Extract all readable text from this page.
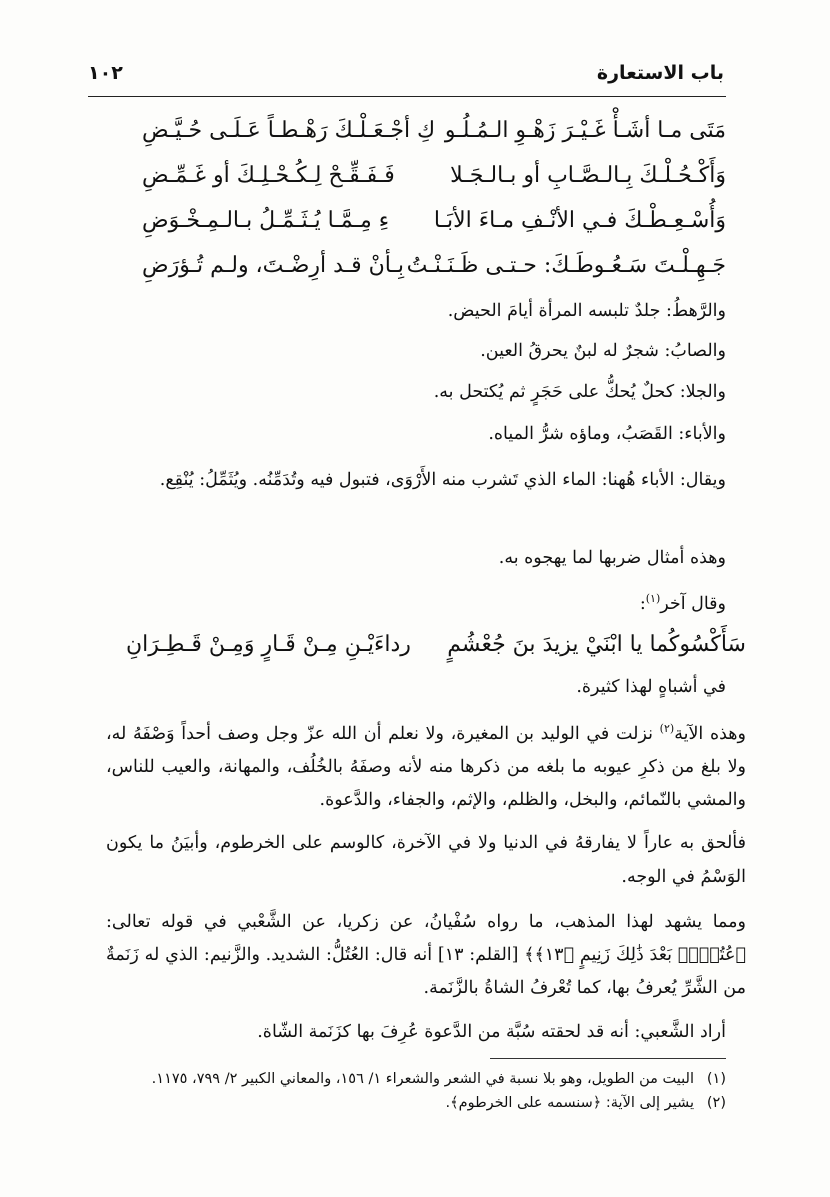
باب الاستعارة
١٠٢
مَتَى مـا أشَـأْ غَـيْـرَ زَهْـوِ الـمُـلُـو
كِ أجْـعَـلْـكَ رَهْـطـاً عَـلَـى حُـيَّـضِ
وَأَكْـحُـلْـكَ بِـالـصَّـابِ أو بـالـجَـلا
فَـفَـقِّـحْ لِـكُـحْـلِـكَ أو غَـمِّـضِ
وَأُسْـعِـطْـكَ فـي الأنْـفِ مـاءَ الأبَـا
ءِ مِـمَّـا يُـثَـمِّـلُ بـالـمِـخْـوَضِ
جَـهِـلْـتَ سَـعُـوطَـكَ: حـتـى ظَـنَـنْـتُ
بِـأنْ قـد أرِضْـتَ، ولـم تُـؤرَضِ
والرَّهطُ: جلدٌ تلبسه المرأة أيامَ الحيض.
والصابُ: شجرٌ له لبنٌ يحرقُ العين.
والجلا: كحلٌ يُحكُّ على حَجَرٍ ثم يُكتحل به.
والأباء: القَصَبُ، وماؤه شرُّ المياه.
ويقال: الأباء هُهنا: الماء الذي تَشرب منه الأَرْوَى، فتبول فيه وتُدَمِّنُه. ويُثَمِّلُ: يُنْقِع.
وهذه أمثال ضربها لما يهجوه به.
وقال آخر$^{(١)}$:
سَأَكْسُوكُما يا ابْنَيْ يزيدَ بنَ جُعْشُمٍ
رداءَيْـنِ مِـنْ قَـارٍ وَمِـنْ قَـطِـرَانِ
في أشباهٍ لهذا كثيرة.
وهذه الآية$^{(٢)}$ نزلت في الوليد بن المغيرة، ولا نعلم أن الله عزّ وجل وصف أحداً وَصْفَهُ له، ولا بلغ من ذكرِ عيوبه ما بلغه من ذكرها منه لأنه وصفَهُ بالخُلُف، والمهانة، والعيب للناس، والمشي بالنّمائم، والبخل، والظلم، والإثم، والجفاء، والدَّعوة.
فألحق به عاراً لا يفارقهُ في الدنيا ولا في الآخرة، كالوسم على الخرطوم، وأبيَنُ ما يكون الوَسْمُ في الوجه.
ومما يشهد لهذا المذهب، ما رواه سُفْيانُ، عن زكريا، عن الشَّعْبي في قوله تعالى: ﴿عُتُلِّۭ بَعْدَ ذَٰلِكَ زَنِيمٍ ﴿١٣﴾﴾ [القلم: ١٣] أنه قال: العُتُلُّ: الشديد. والزَّنيم: الذي له زَنَمةٌ من الشَّرِّ يُعرفُ بها، كما تُعْرفُ الشاةُ بالزَّنَمة.
أراد الشَّعبي: أنه قد لحقته سُبَّة من الدَّعوة عُرِفَ بها كزَنَمة الشّاة.
(١)البيت من الطويل، وهو بلا نسبة في الشعر والشعراء ١/ ١٥٦، والمعاني الكبير ٢/ ٧٩٩، ١١٧٥.
(٢)يشير إلى الآية: ﴿سنسمه على الخرطوم﴾.
